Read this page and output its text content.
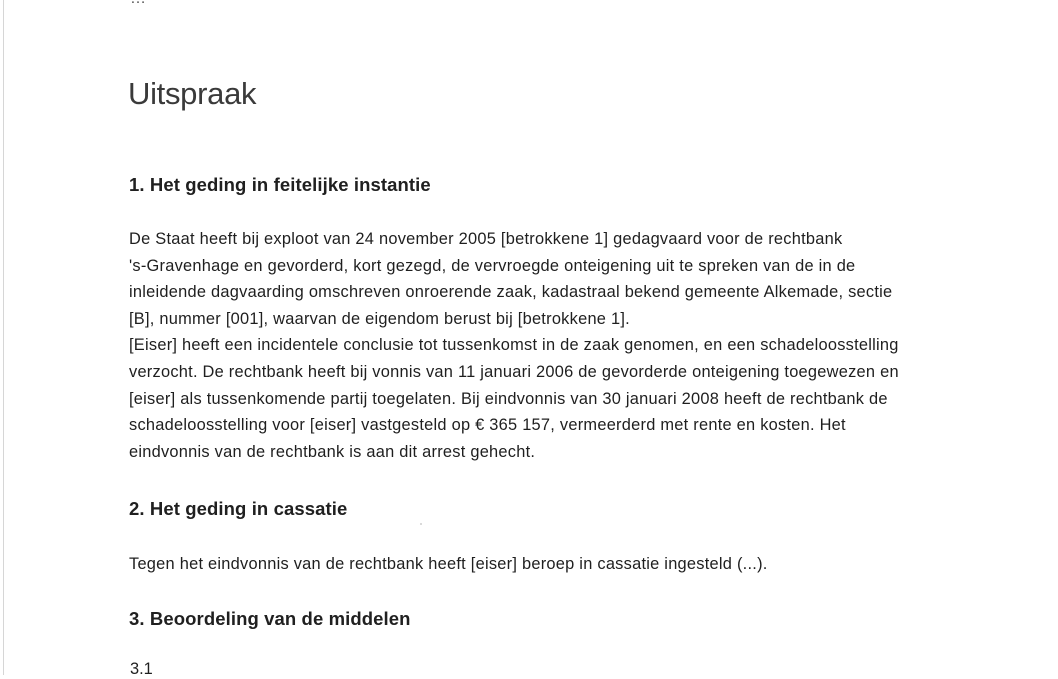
Uitspraak
1. Het geding in feitelijke instantie
De Staat heeft bij exploot van 24 november 2005 [betrokkene 1] gedagvaard voor de rechtbank
's-Gravenhage en gevorderd, kort gezegd, de vervroegde onteigening uit te spreken van de in de
inleidende dagvaarding omschreven onroerende zaak, kadastraal bekend gemeente Alkemade, sectie
[B], nummer [001], waarvan de eigendom berust bij [betrokkene 1].
[Eiser] heeft een incidentele conclusie tot tussenkomst in de zaak genomen, en een schadeloosstelling
verzocht. De rechtbank heeft bij vonnis van 11 januari 2006 de gevorderde onteigening toegewezen en
[eiser] als tussenkomende partij toegelaten. Bij eindvonnis van 30 januari 2008 heeft de rechtbank de
schadeloosstelling voor [eiser] vastgesteld op € 365 157, vermeerderd met rente en kosten. Het
eindvonnis van de rechtbank is aan dit arrest gehecht.
2. Het geding in cassatie
Tegen het eindvonnis van de rechtbank heeft [eiser] beroep in cassatie ingesteld (...).
3. Beoordeling van de middelen
3.1
